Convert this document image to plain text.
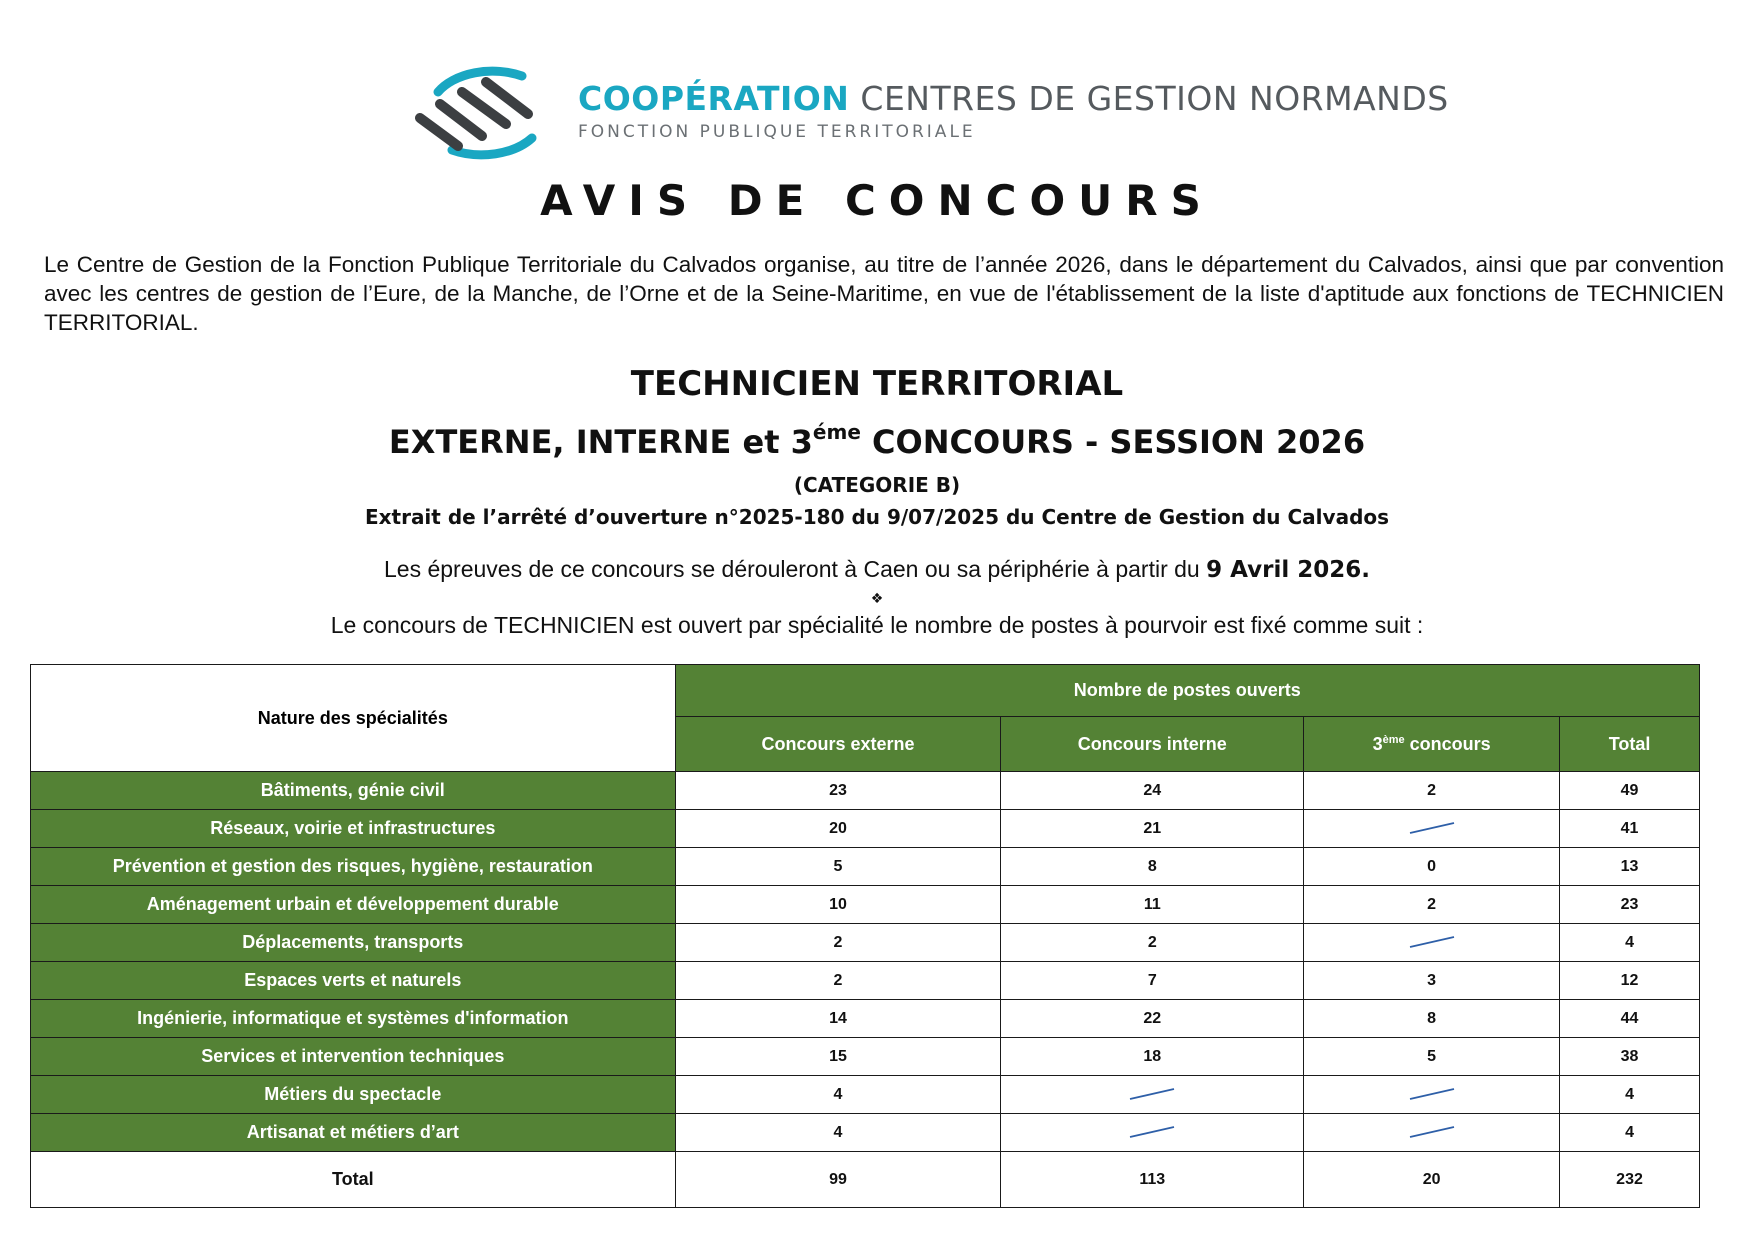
COOPÉRATION CENTRES DE GESTION NORMANDS
FONCTION PUBLIQUE TERRITORIALE
AVIS DE CONCOURS
Le Centre de Gestion de la Fonction Publique Territoriale du Calvados organise, au titre de l’année 2026, dans le département du Calvados, ainsi que par convention avec les centres de gestion de l’Eure, de la Manche, de l’Orne et de la Seine-Maritime, en vue de l'établissement de la liste d'aptitude aux fonctions de TECHNICIEN TERRITORIAL.
TECHNICIEN TERRITORIAL
EXTERNE, INTERNE et $3^{éme}$ CONCOURS - SESSION 2026
(CATEGORIE B)
Extrait de l’arrêté d’ouverture n°2025-180 du 9/07/2025 du Centre de Gestion du Calvados
Les épreuves de ce concours se dérouleront à Caen ou sa périphérie à partir du 9 Avril 2026.
❖
Le concours de TECHNICIEN est ouvert par spécialité le nombre de postes à pourvoir est fixé comme suit :
Nature des spécialités	Nombre de postes ouverts			
	Concours externe	Concours interne	3ème concours	Total
Bâtiments, génie civil	23	24	2	49
Réseaux, voirie et infrastructures	20	21		41
Prévention et gestion des risques, hygiène, restauration	5	8	0	13
Aménagement urbain et développement durable	10	11	2	23
Déplacements, transports	2	2		4
Espaces verts et naturels	2	7	3	12
Ingénierie, informatique et systèmes d'information	14	22	8	44
Services et intervention techniques	15	18	5	38
Métiers du spectacle	4			4
Artisanat et métiers d’art	4			4
Total	99	113	20	232
